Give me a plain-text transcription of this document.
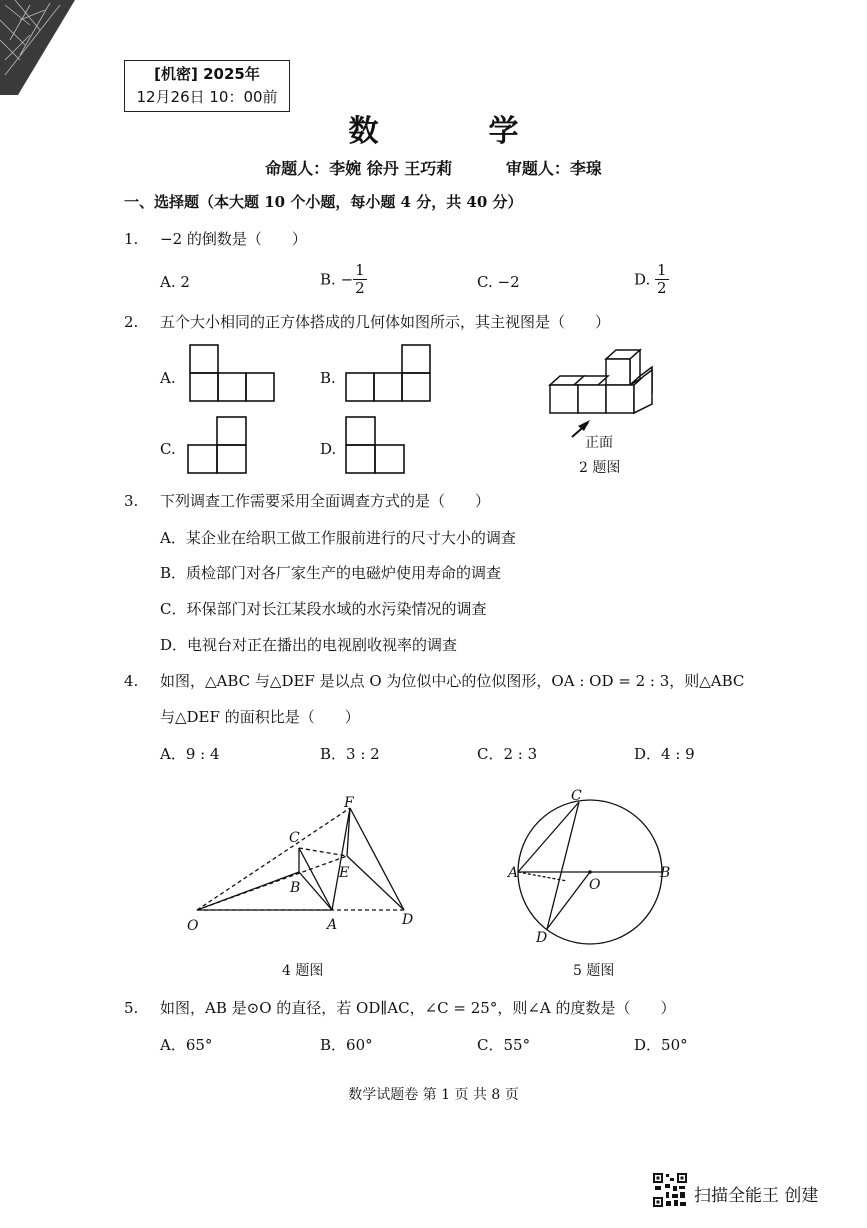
[机密] 2025年
12月26日 10：00前
数　学
命题人：李婉 徐丹 王巧莉	审题人：李瑔
一、选择题（本大题 10 个小题，每小题 4 分，共 40 分）
1. −2 的倒数是（　　）
A. 2	B. − $\frac{1}{2}$	C. −2	D. $\frac{1}{2}$
2. 五个大小相同的正方体搭成的几何体如图所示，其主视图是（　　）
A.	B.
C.	D.	正面
2 题图
3. 下列调查工作需要采用全面调查方式的是（　　）
A．某企业在给职工做工作服前进行的尺寸大小的调查
B．质检部门对各厂家生产的电磁炉使用寿命的调查
C．环保部门对长江某段水域的水污染情况的调查
D．电视台对正在播出的电视剧收视率的调查
4. 如图，△ABC 与△DEF 是以点 O 为位似中心的位似图形，OA : OD = 2 : 3，则△ABC
与△DEF 的面积比是（　　）
A．9 : 4	B．3 : 2	C．2 : 3	D．4 : 9
O	A
B
C
D
E
F
4 题图
A	B
C
D
O
5 题图
5. 如图，AB 是⊙O 的直径，若 OD∥AC，∠C = 25°，则∠A 的度数是（　　）
A．65°	B．60°	C．55°	D．50°
数学试题卷 第 1 页 共 8 页
扫描全能王 创建
